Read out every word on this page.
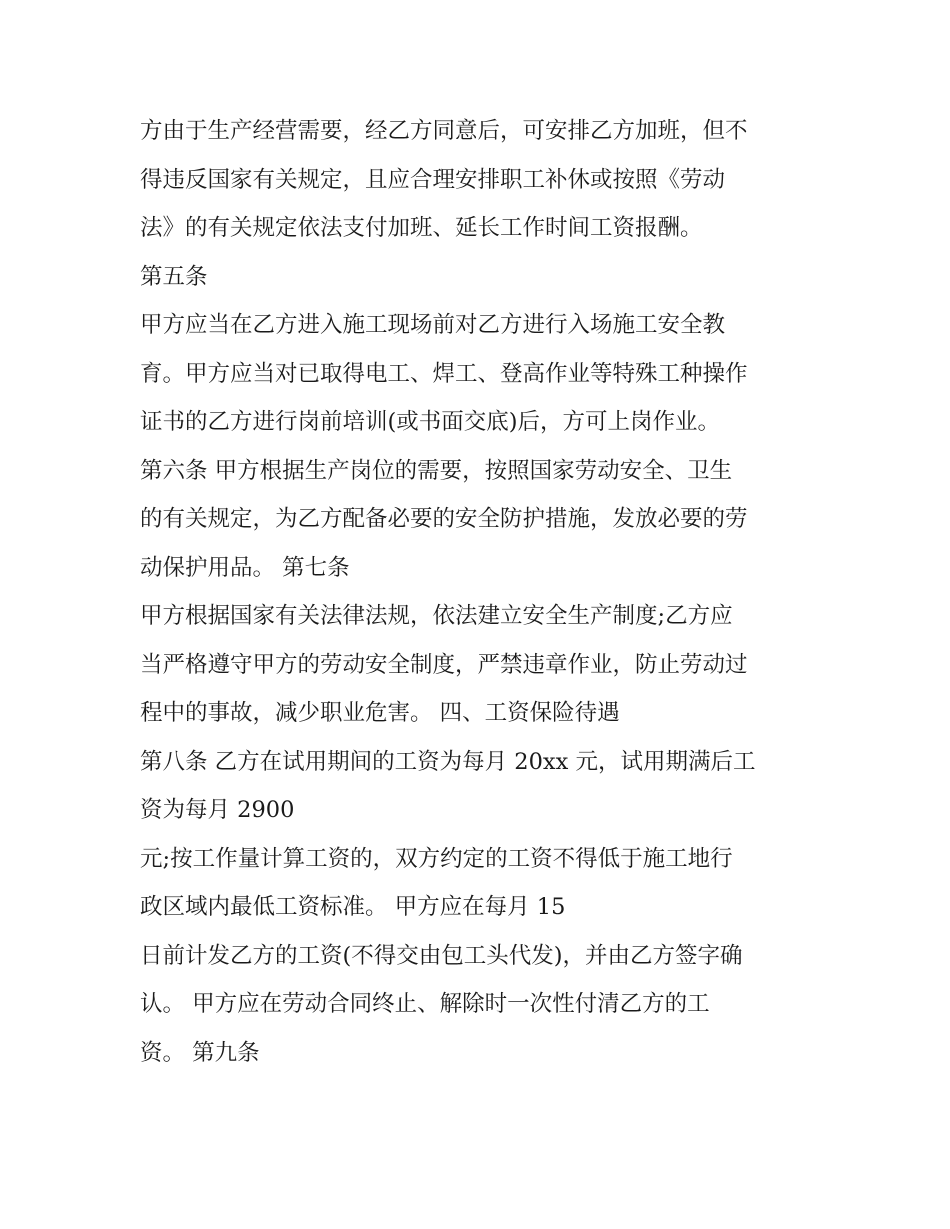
方由于生产经营需要，经乙方同意后，可安排乙方加班，但不
得违反国家有关规定，且应合理安排职工补休或按照《劳动
法》的有关规定依法支付加班、延长工作时间工资报酬。
第五条
甲方应当在乙方进入施工现场前对乙方进行入场施工安全教
育。甲方应当对已取得电工、焊工、登高作业等特殊工种操作
证书的乙方进行岗前培训(或书面交底)后，方可上岗作业。
第六条 甲方根据生产岗位的需要，按照国家劳动安全、卫生
的有关规定，为乙方配备必要的安全防护措施，发放必要的劳
动保护用品。 第七条
甲方根据国家有关法律法规，依法建立安全生产制度;乙方应
当严格遵守甲方的劳动安全制度，严禁违章作业，防止劳动过
程中的事故，减少职业危害。 四、工资保险待遇
第八条 乙方在试用期间的工资为每月 20xx 元，试用期满后工
资为每月 2900
元;按工作量计算工资的，双方约定的工资不得低于施工地行
政区域内最低工资标准。 甲方应在每月 15
日前计发乙方的工资(不得交由包工头代发)，并由乙方签字确
认。 甲方应在劳动合同终止、解除时一次性付清乙方的工
资。 第九条
